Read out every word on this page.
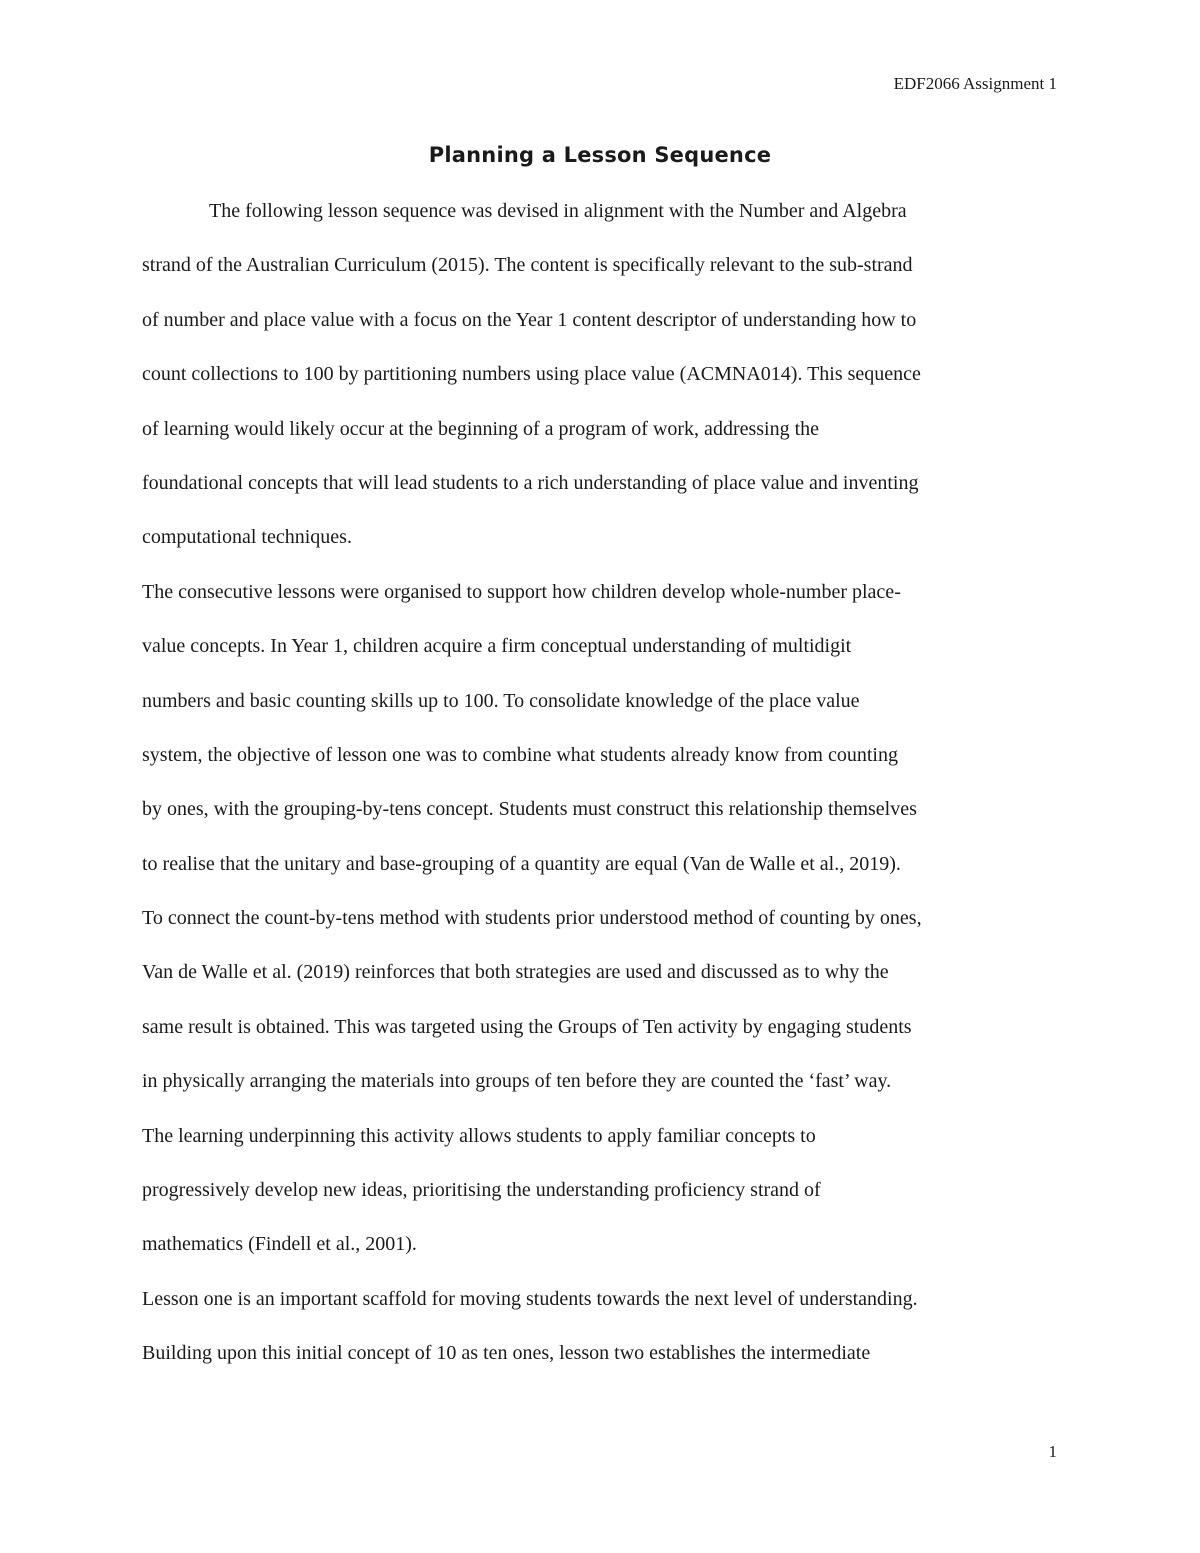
EDF2066 Assignment 1
Planning a Lesson Sequence
The following lesson sequence was devised in alignment with the Number and Algebra
strand of the Australian Curriculum (2015). The content is specifically relevant to the sub-strand
of number and place value with a focus on the Year 1 content descriptor of understanding how to
count collections to 100 by partitioning numbers using place value (ACMNA014). This sequence
of learning would likely occur at the beginning of a program of work, addressing the
foundational concepts that will lead students to a rich understanding of place value and inventing
computational techniques.
The consecutive lessons were organised to support how children develop whole-number place-
value concepts. In Year 1, children acquire a firm conceptual understanding of multidigit
numbers and basic counting skills up to 100. To consolidate knowledge of the place value
system, the objective of lesson one was to combine what students already know from counting
by ones, with the grouping-by-tens concept. Students must construct this relationship themselves
to realise that the unitary and base-grouping of a quantity are equal (Van de Walle et al., 2019).
To connect the count-by-tens method with students prior understood method of counting by ones,
Van de Walle et al. (2019) reinforces that both strategies are used and discussed as to why the
same result is obtained. This was targeted using the Groups of Ten activity by engaging students
in physically arranging the materials into groups of ten before they are counted the ‘fast’ way.
The learning underpinning this activity allows students to apply familiar concepts to
progressively develop new ideas, prioritising the understanding proficiency strand of
mathematics (Findell et al., 2001).
Lesson one is an important scaffold for moving students towards the next level of understanding.
Building upon this initial concept of 10 as ten ones, lesson two establishes the intermediate
1
